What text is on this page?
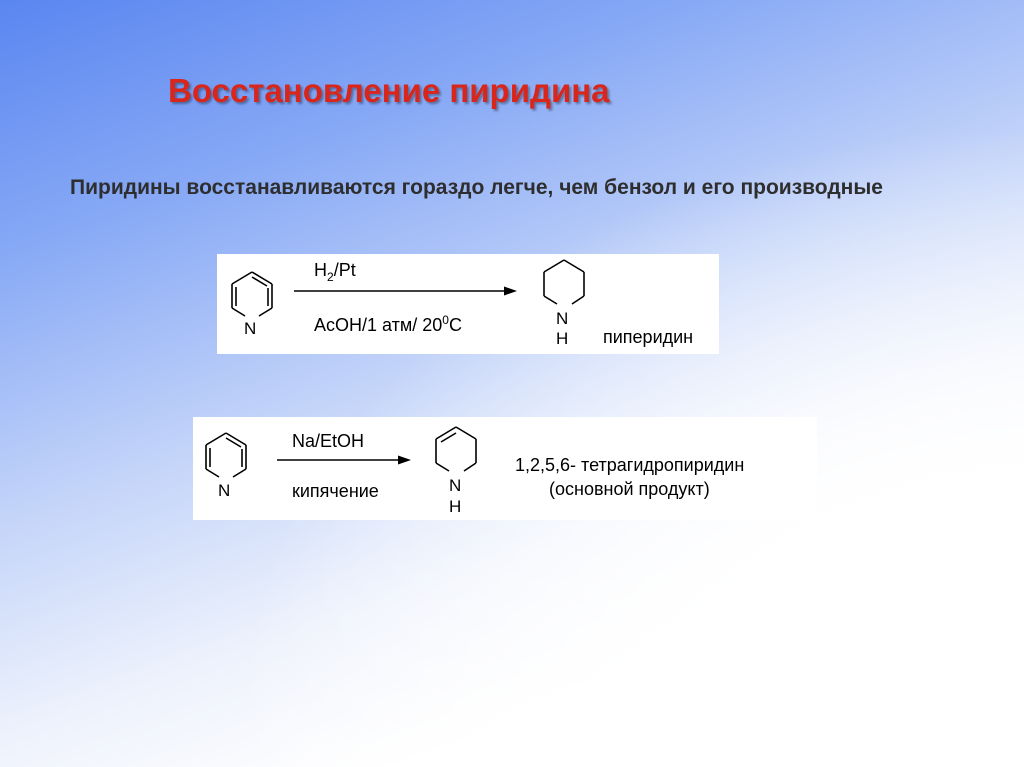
Восстановление пиридина

Пиридины восстанавливаются гораздо легче, чем бензол и его производные

N
$H_2/Pt$
AcOH/1 атм/ $20^0C$	N
H пиперидин
N
Na/EtOH
кипячение	N
H
1,2,5,6- тетрагидропиридин
(основной продукт)
